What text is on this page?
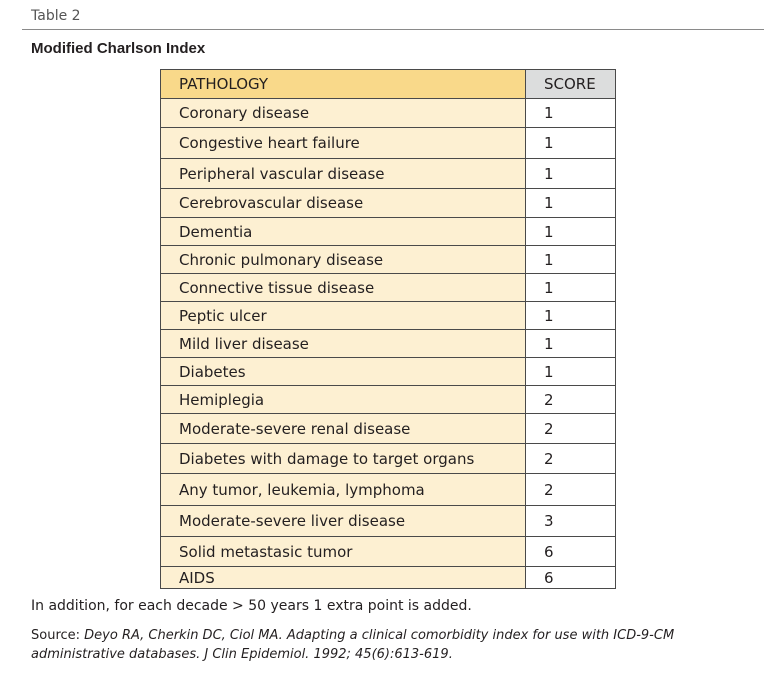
Table 2
Modified Charlson Index
PATHOLOGY	SCORE
Coronary disease	1
Congestive heart failure	1
Peripheral vascular disease	1
Cerebrovascular disease	1
Dementia	1
Chronic pulmonary disease	1
Connective tissue disease	1
Peptic ulcer	1
Mild liver disease	1
Diabetes	1
Hemiplegia	2
Moderate-severe renal disease	2
Diabetes with damage to target organs	2
Any tumor, leukemia, lymphoma	2
Moderate-severe liver disease	3
Solid metastasic tumor	6
AIDS	6
In addition, for each decade > 50 years 1 extra point is added.
Source: Deyo RA, Cherkin DC, Ciol MA. Adapting a clinical comorbidity index for use with ICD-9-CM administrative databases. J Clin Epidemiol. 1992; 45(6):613-619.
